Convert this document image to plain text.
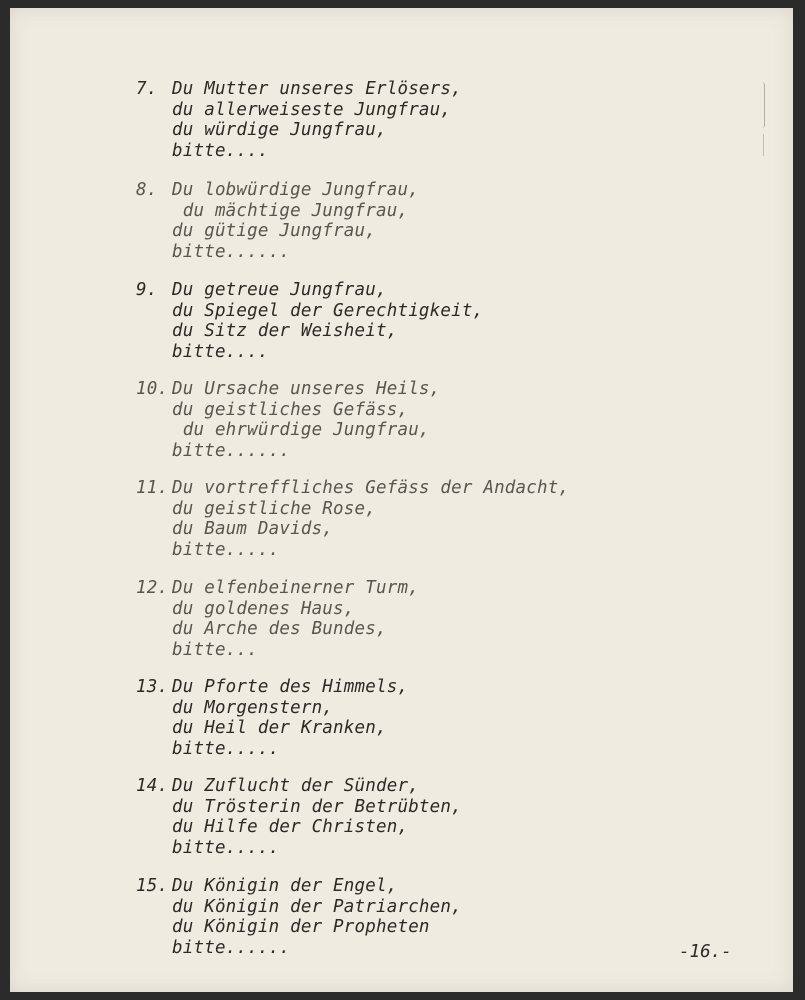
7. Du Mutter unseres Erlösers,
du allerweiseste Jungfrau,
du würdige Jungfrau,
bitte....
8. Du lobwürdige Jungfrau,
du mächtige Jungfrau,
du gütige Jungfrau,
bitte......
9. Du getreue Jungfrau,
du Spiegel der Gerechtigkeit,
du Sitz der Weisheit,
bitte....
10. Du Ursache unseres Heils,
du geistliches Gefäss,
du ehrwürdige Jungfrau,
bitte......
11. Du vortreffliches Gefäss der Andacht,
du geistliche Rose,
du Baum Davids,
bitte.....
12. Du elfenbeinerner Turm,
du goldenes Haus,
du Arche des Bundes,
bitte...
13. Du Pforte des Himmels,
du Morgenstern,
du Heil der Kranken,
bitte.....
14. Du Zuflucht der Sünder,
du Trösterin der Betrübten,
du Hilfe der Christen,
bitte.....
15. Du Königin der Engel,
du Königin der Patriarchen,
du Königin der Propheten
bitte......	-16.-
